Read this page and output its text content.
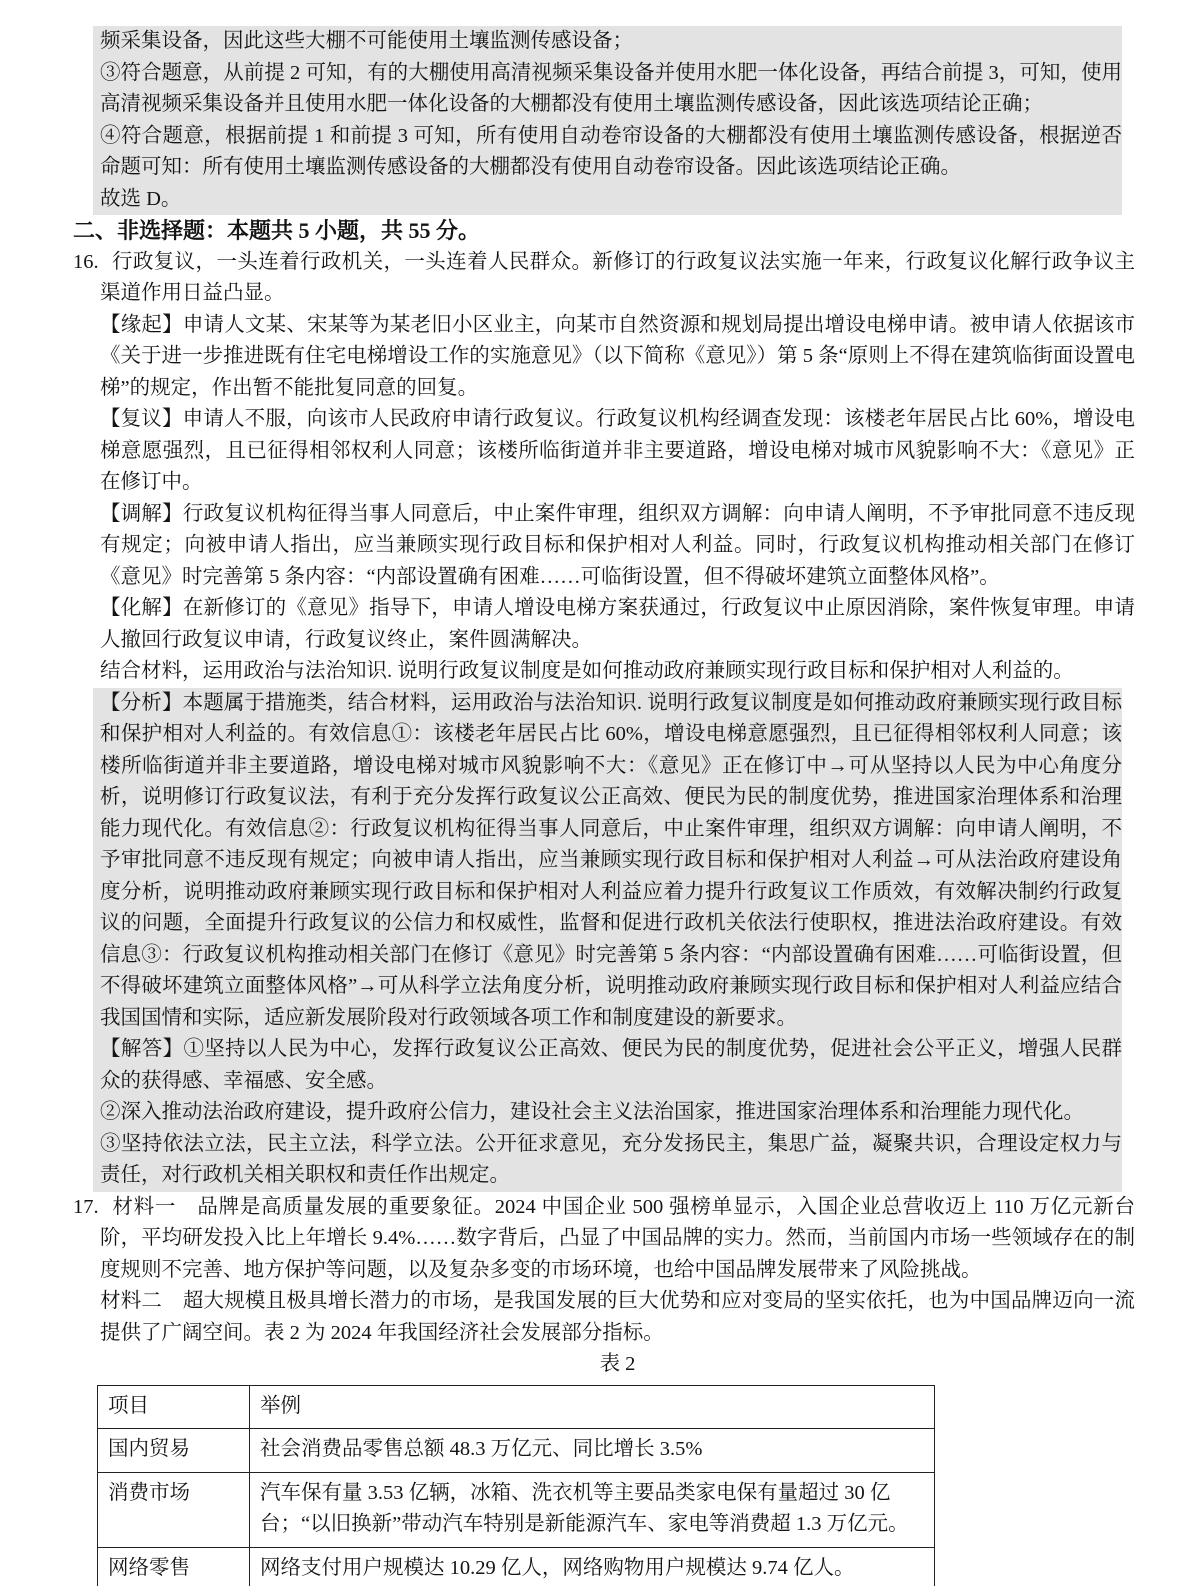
频采集设备，因此这些大棚不可能使用土壤监测传感设备；

③符合题意，从前提 2 可知，有的大棚使用高清视频采集设备并使用水肥一体化设备，再结合前提 3，可知，使用高清视频采集设备并且使用水肥一体化设备的大棚都没有使用土壤监测传感设备，因此该选项结论正确；

④符合题意，根据前提 1 和前提 3 可知，所有使用自动卷帘设备的大棚都没有使用土壤监测传感设备，根据逆否命题可知：所有使用土壤监测传感设备的大棚都没有使用自动卷帘设备。因此该选项结论正确。

故选 D。

二、非选择题：本题共 5 小题，共 55 分。

16. 行政复议，一头连着行政机关，一头连着人民群众。新修订的行政复议法实施一年来，行政复议化解行政争议主渠道作用日益凸显。

【缘起】申请人文某、宋某等为某老旧小区业主，向某市自然资源和规划局提出增设电梯申请。被申请人依据该市《关于进一步推进既有住宅电梯增设工作的实施意见》（以下简称《意见》）第 5 条“原则上不得在建筑临街面设置电梯”的规定，作出暂不能批复同意的回复。

【复议】申请人不服，向该市人民政府申请行政复议。行政复议机构经调查发现：该楼老年居民占比 60%，增设电梯意愿强烈，且已征得相邻权利人同意；该楼所临街道并非主要道路，增设电梯对城市风貌影响不大：《意见》正在修订中。

【调解】行政复议机构征得当事人同意后，中止案件审理，组织双方调解：向申请人阐明，不予审批同意不违反现有规定；向被申请人指出，应当兼顾实现行政目标和保护相对人利益。同时，行政复议机构推动相关部门在修订《意见》时完善第 5 条内容：“内部设置确有困难……可临街设置，但不得破坏建筑立面整体风格”。

【化解】在新修订的《意见》指导下，申请人增设电梯方案获通过，行政复议中止原因消除，案件恢复审理。申请人撤回行政复议申请，行政复议终止，案件圆满解决。

结合材料，运用政治与法治知识. 说明行政复议制度是如何推动政府兼顾实现行政目标和保护相对人利益的。

【分析】本题属于措施类，结合材料，运用政治与法治知识. 说明行政复议制度是如何推动政府兼顾实现行政目标和保护相对人利益的。有效信息①：该楼老年居民占比 60%，增设电梯意愿强烈，且已征得相邻权利人同意；该楼所临街道并非主要道路，增设电梯对城市风貌影响不大：《意见》正在修订中→可从坚持以人民为中心角度分析，说明修订行政复议法，有利于充分发挥行政复议公正高效、便民为民的制度优势，推进国家治理体系和治理能力现代化。有效信息②：行政复议机构征得当事人同意后，中止案件审理，组织双方调解：向申请人阐明，不予审批同意不违反现有规定；向被申请人指出，应当兼顾实现行政目标和保护相对人利益→可从法治政府建设角度分析，说明推动政府兼顾实现行政目标和保护相对人利益应着力提升行政复议工作质效，有效解决制约行政复议的问题，全面提升行政复议的公信力和权威性，监督和促进行政机关依法行使职权，推进法治政府建设。有效信息③：行政复议机构推动相关部门在修订《意见》时完善第 5 条内容：“内部设置确有困难……可临街设置，但不得破坏建筑立面整体风格”→可从科学立法角度分析，说明推动政府兼顾实现行政目标和保护相对人利益应结合我国国情和实际，适应新发展阶段对行政领域各项工作和制度建设的新要求。

【解答】①坚持以人民为中心，发挥行政复议公正高效、便民为民的制度优势，促进社会公平正义，增强人民群众的获得感、幸福感、安全感。

②深入推动法治政府建设，提升政府公信力，建设社会主义法治国家，推进国家治理体系和治理能力现代化。

③坚持依法立法，民主立法，科学立法。公开征求意见，充分发扬民主，集思广益，凝聚共识，合理设定权力与责任，对行政机关相关职权和责任作出规定。

17. 材料一　品牌是高质量发展的重要象征。2024 中国企业 500 强榜单显示，入国企业总营收迈上 110 万亿元新台阶，平均研发投入比上年增长 9.4%……数字背后，凸显了中国品牌的实力。然而，当前国内市场一些领域存在的制度规则不完善、地方保护等问题，以及复杂多变的市场环境，也给中国品牌发展带来了风险挑战。

材料二　超大规模且极具增长潜力的市场，是我国发展的巨大优势和应对变局的坚实依托，也为中国品牌迈向一流提供了广阔空间。表 2 为 2024 年我国经济社会发展部分指标。

表 2

项目	举例
国内贸易	社会消费品零售总额 48.3 万亿元、同比增长 3.5%
消费市场	汽车保有量 3.53 亿辆，冰箱、洗衣机等主要品类家电保有量超过 30 亿台；“以旧换新”带动汽车特别是新能源汽车、家电等消费超 1.3 万亿元。
网络零售	网络支付用户规模达 10.29 亿人，网络购物用户规模达 9.74 亿人。
